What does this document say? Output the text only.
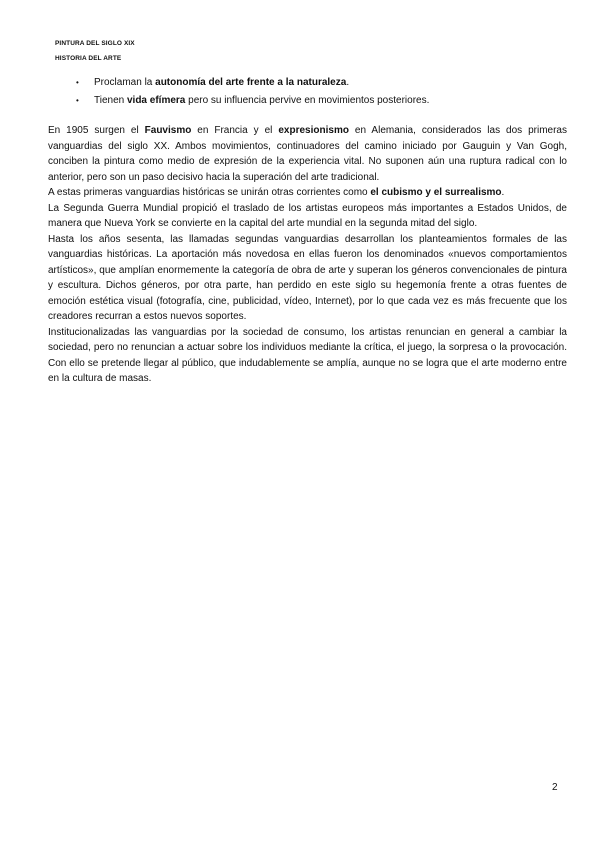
PINTURA DEL SIGLO XIX
HISTORIA DEL ARTE
• Proclaman la autonomía del arte frente a la naturaleza.
• Tienen vida efímera pero su influencia pervive en movimientos posteriores.

En 1905 surgen el Fauvismo en Francia y el expresionismo en Alemania, considerados las dos primeras vanguardias del siglo XX. Ambos movimientos, continuadores del camino iniciado por Gauguin y Van Gogh, conciben la pintura como medio de expresión de la experiencia vital. No suponen aún una ruptura radical con lo anterior, pero son un paso decisivo hacia la superación del arte tradicional.

A estas primeras vanguardias históricas se unirán otras corrientes como el cubismo y el surrealismo.

La Segunda Guerra Mundial propició el traslado de los artistas europeos más importantes a Estados Unidos, de manera que Nueva York se convierte en la capital del arte mundial en la segunda mitad del siglo.

Hasta los años sesenta, las llamadas segundas vanguardias desarrollan los planteamientos formales de las vanguardias históricas. La aportación más novedosa en ellas fueron los denominados «nuevos comportamientos artísticos», que amplían enormemente la categoría de obra de arte y superan los géneros convencionales de pintura y escultura. Dichos géneros, por otra parte, han perdido en este siglo su hegemonía frente a otras fuentes de emoción estética visual (fotografía, cine, publicidad, vídeo, Internet), por lo que cada vez es más frecuente que los creadores recurran a estos nuevos soportes.

Institucionalizadas las vanguardias por la sociedad de consumo, los artistas renuncian en general a cambiar la sociedad, pero no renuncian a actuar sobre los individuos mediante la crítica, el juego, la sorpresa o la provocación. Con ello se pretende llegar al público, que indudablemente se amplía, aunque no se logra que el arte moderno entre en la cultura de masas.

2
